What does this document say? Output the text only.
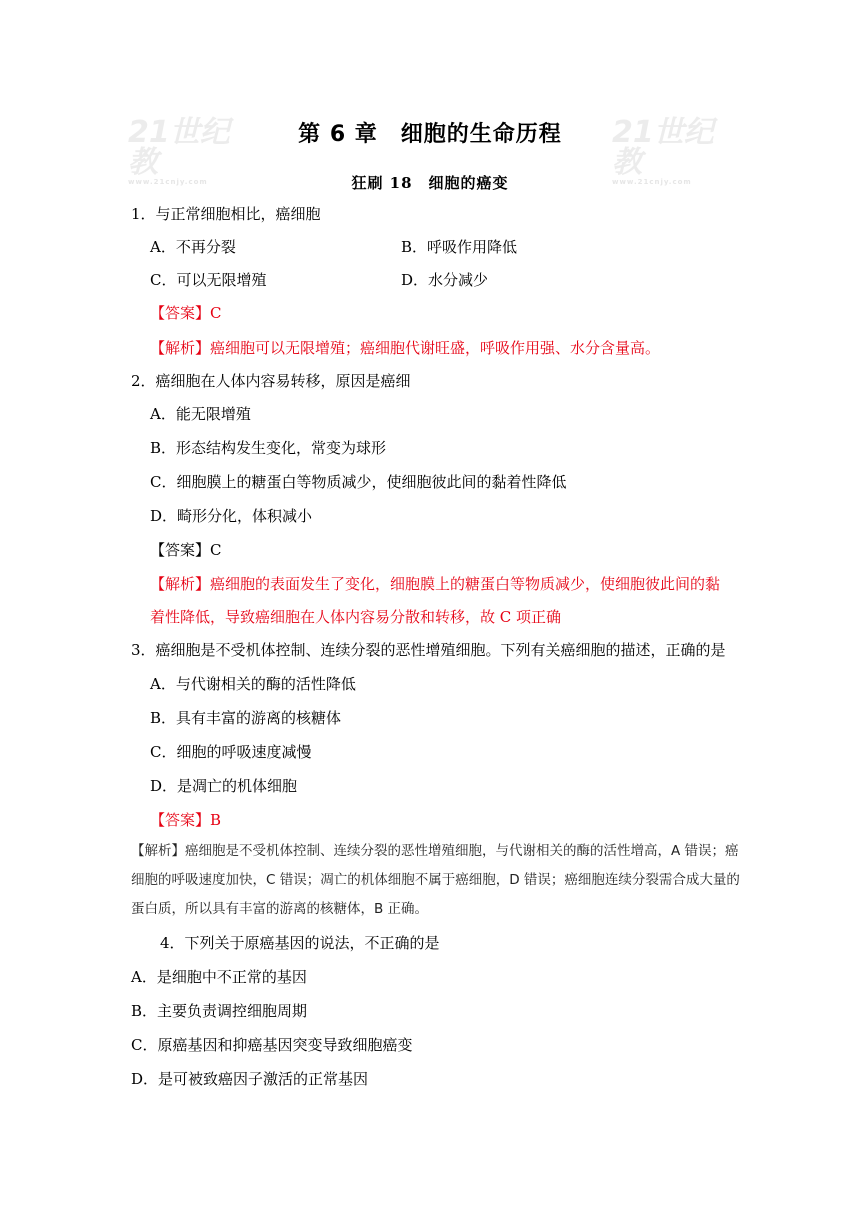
21世纪教
www.21cnjy.com
21世纪教
www.21cnjy.com
第 6 章　细胞的生命历程
狂刷 18　细胞的癌变
1．与正常细胞相比，癌细胞
A．不再分裂	B．呼吸作用降低
C．可以无限增殖	D．水分减少
【答案】C
【解析】癌细胞可以无限增殖；癌细胞代谢旺盛，呼吸作用强、水分含量高。
2．癌细胞在人体内容易转移，原因是癌细
A．能无限增殖
B．形态结构发生变化，常变为球形
C．细胞膜上的糖蛋白等物质减少，使细胞彼此间的黏着性降低
D．畸形分化，体积减小
【答案】C
【解析】癌细胞的表面发生了变化，细胞膜上的糖蛋白等物质减少，使细胞彼此间的黏
着性降低，导致癌细胞在人体内容易分散和转移，故 C 项正确
3．癌细胞是不受机体控制、连续分裂的恶性增殖细胞。下列有关癌细胞的描述，正确的是
A．与代谢相关的酶的活性降低
B．具有丰富的游离的核糖体
C．细胞的呼吸速度减慢
D．是凋亡的机体细胞
【答案】B
【解析】癌细胞是不受机体控制、连续分裂的恶性增殖细胞，与代谢相关的酶的活性增高，A 错误；癌
细胞的呼吸速度加快，C 错误；凋亡的机体细胞不属于癌细胞，D 错误；癌细胞连续分裂需合成大量的
蛋白质，所以具有丰富的游离的核糖体，B 正确。
4．下列关于原癌基因的说法，不正确的是
A．是细胞中不正常的基因
B．主要负责调控细胞周期
C．原癌基因和抑癌基因突变导致细胞癌变
D．是可被致癌因子激活的正常基因
